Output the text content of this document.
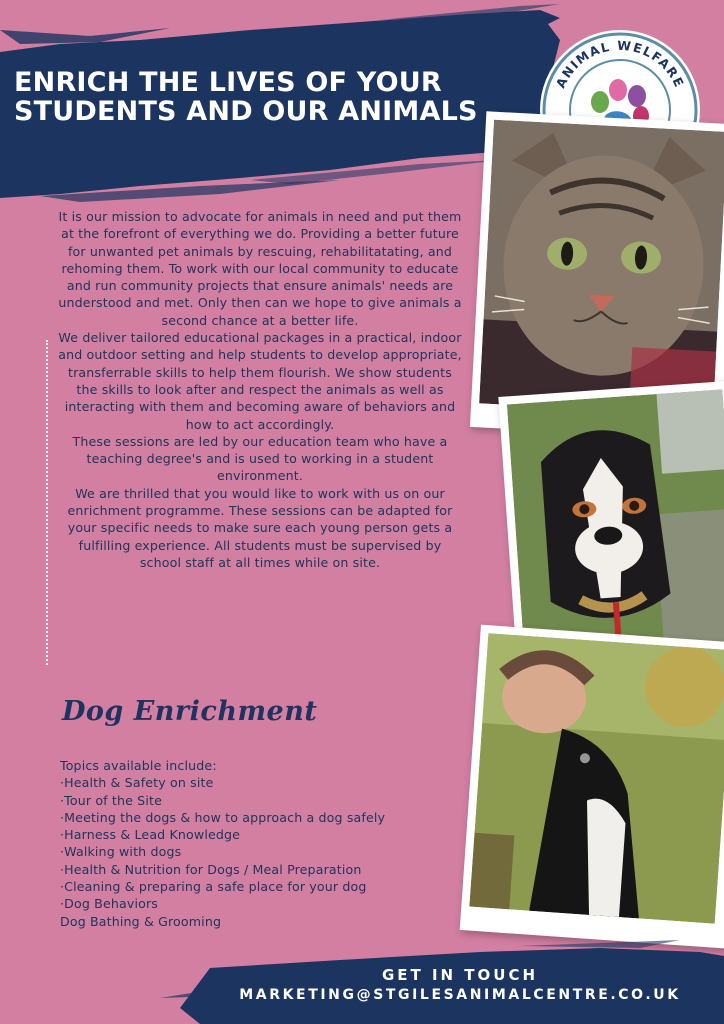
ENRICH THE LIVES OF YOUR STUDENTS AND OUR ANIMALS
ANIMAL WELFARE

It is our mission to advocate for animals in need and put them at the forefront of everything we do. Providing a better future for unwanted pet animals by rescuing, rehabilitatating, and rehoming them. To work with our local community to educate and run community projects that ensure animals' needs are understood and met. Only then can we hope to give animals a second chance at a better life.

We deliver tailored educational packages in a practical, indoor and outdoor setting and help students to develop appropriate, transferrable skills to help them flourish. We show students the skills to look after and respect the animals as well as interacting with them and becoming aware of behaviors and how to act accordingly.

These sessions are led by our education team who have a teaching degree's and is used to working in a student environment.

We are thrilled that you would like to work with us on our enrichment programme. These sessions can be adapted for your specific needs to make sure each young person gets a fulfilling experience. All students must be supervised by school staff at all times while on site.

Dog Enrichment
Topics available include:
·Health & Safety on site
·Tour of the Site
·Meeting the dogs & how to approach a dog safely
·Harness & Lead Knowledge
·Walking with dogs
·Health & Nutrition for Dogs / Meal Preparation
·Cleaning & preparing a safe place for your dog
·Dog Behaviors
Dog Bathing & Grooming
GET IN TOUCH
MARKETING@STGILESANIMALCENTRE.CO.UK
